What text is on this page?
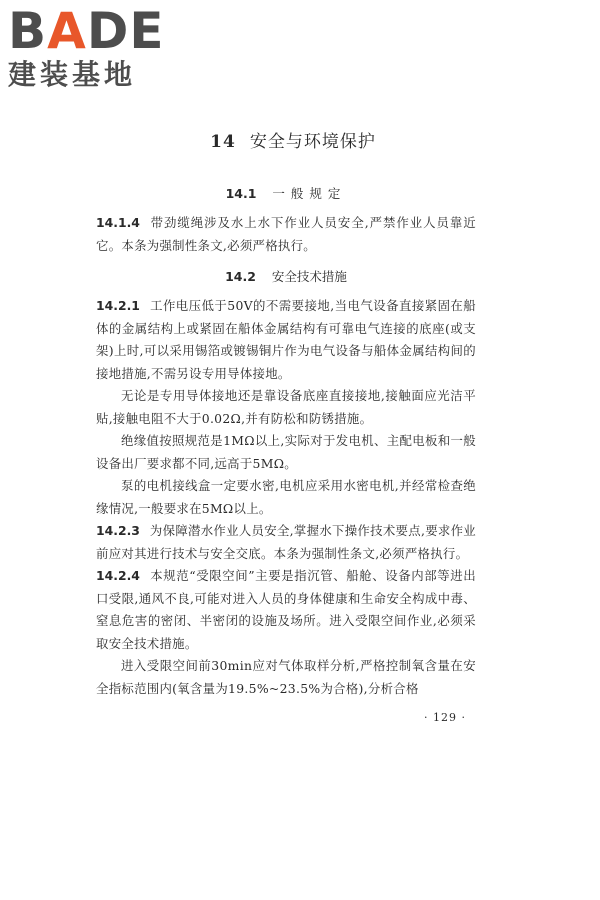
BADE
建装基地
14 安全与环境保护
14.1 一般规定

14.1.4 带劲缆绳涉及水上水下作业人员安全,严禁作业人员靠近它。本条为强制性条文,必须严格执行。

14.2 安全技术措施

14.2.1 工作电压低于50V的不需要接地,当电气设备直接紧固在船体的金属结构上或紧固在船体金属结构有可靠电气连接的底座(或支架)上时,可以采用锡箔或镀锡铜片作为电气设备与船体金属结构间的接地措施,不需另设专用导体接地。

无论是专用导体接地还是靠设备底座直接接地,接触面应光洁平贴,接触电阻不大于0.02Ω,并有防松和防锈措施。

绝缘值按照规范是1MΩ以上,实际对于发电机、主配电板和一般设备出厂要求都不同,远高于5MΩ。

泵的电机接线盒一定要水密,电机应采用水密电机,并经常检查绝缘情况,一般要求在5MΩ以上。

14.2.3 为保障潜水作业人员安全,掌握水下操作技术要点,要求作业前应对其进行技术与安全交底。本条为强制性条文,必须严格执行。

14.2.4 本规范“受限空间”主要是指沉管、船舱、设备内部等进出口受限,通风不良,可能对进入人员的身体健康和生命安全构成中毒、窒息危害的密闭、半密闭的设施及场所。进入受限空间作业,必须采取安全技术措施。

进入受限空间前30min应对气体取样分析,严格控制氧含量在安全指标范围内(氧含量为19.5%~23.5%为合格),分析合格

· 129 ·
